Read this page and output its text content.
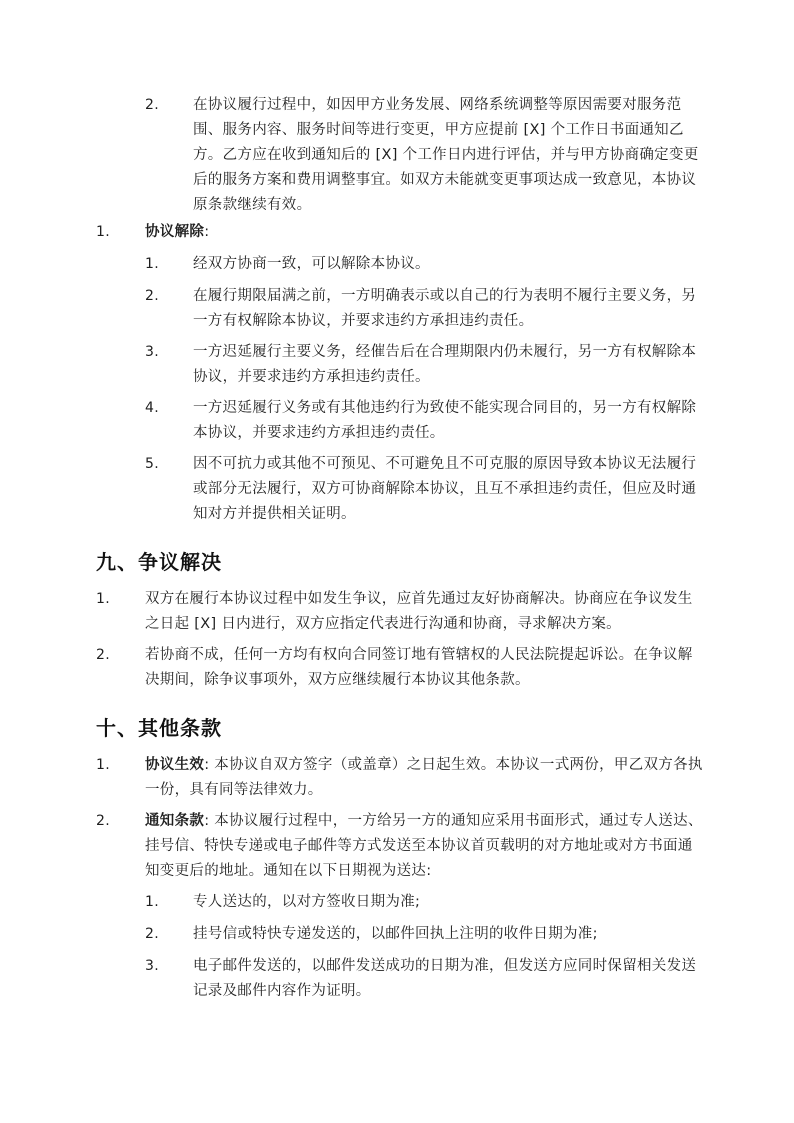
2. 在协议履行过程中，如因甲方业务发展、网络系统调整等原因需要对服务范围、服务内容、服务时间等进行变更，甲方应提前 [X] 个工作日书面通知乙方。乙方应在收到通知后的 [X] 个工作日内进行评估，并与甲方协商确定变更后的服务方案和费用调整事宜。如双方未能就变更事项达成一致意见，本协议原条款继续有效。
1. 协议解除:
1. 经双方协商一致，可以解除本协议。
2. 在履行期限届满之前，一方明确表示或以自己的行为表明不履行主要义务，另一方有权解除本协议，并要求违约方承担违约责任。
3. 一方迟延履行主要义务，经催告后在合理期限内仍未履行，另一方有权解除本协议，并要求违约方承担违约责任。
4. 一方迟延履行义务或有其他违约行为致使不能实现合同目的，另一方有权解除本协议，并要求违约方承担违约责任。
5. 因不可抗力或其他不可预见、不可避免且不可克服的原因导致本协议无法履行或部分无法履行，双方可协商解除本协议，且互不承担违约责任，但应及时通知对方并提供相关证明。
九、争议解决
1. 双方在履行本协议过程中如发生争议，应首先通过友好协商解决。协商应在争议发生之日起 [X] 日内进行，双方应指定代表进行沟通和协商，寻求解决方案。
2. 若协商不成，任何一方均有权向合同签订地有管辖权的人民法院提起诉讼。在争议解决期间，除争议事项外，双方应继续履行本协议其他条款。
十、其他条款
1. 协议生效: 本协议自双方签字（或盖章）之日起生效。本协议一式两份，甲乙双方各执一份，具有同等法律效力。
2. 通知条款: 本协议履行过程中，一方给另一方的通知应采用书面形式，通过专人送达、挂号信、特快专递或电子邮件等方式发送至本协议首页载明的对方地址或对方书面通知变更后的地址。通知在以下日期视为送达:
1. 专人送达的，以对方签收日期为准;
2. 挂号信或特快专递发送的，以邮件回执上注明的收件日期为准;
3. 电子邮件发送的，以邮件发送成功的日期为准，但发送方应同时保留相关发送记录及邮件内容作为证明。
